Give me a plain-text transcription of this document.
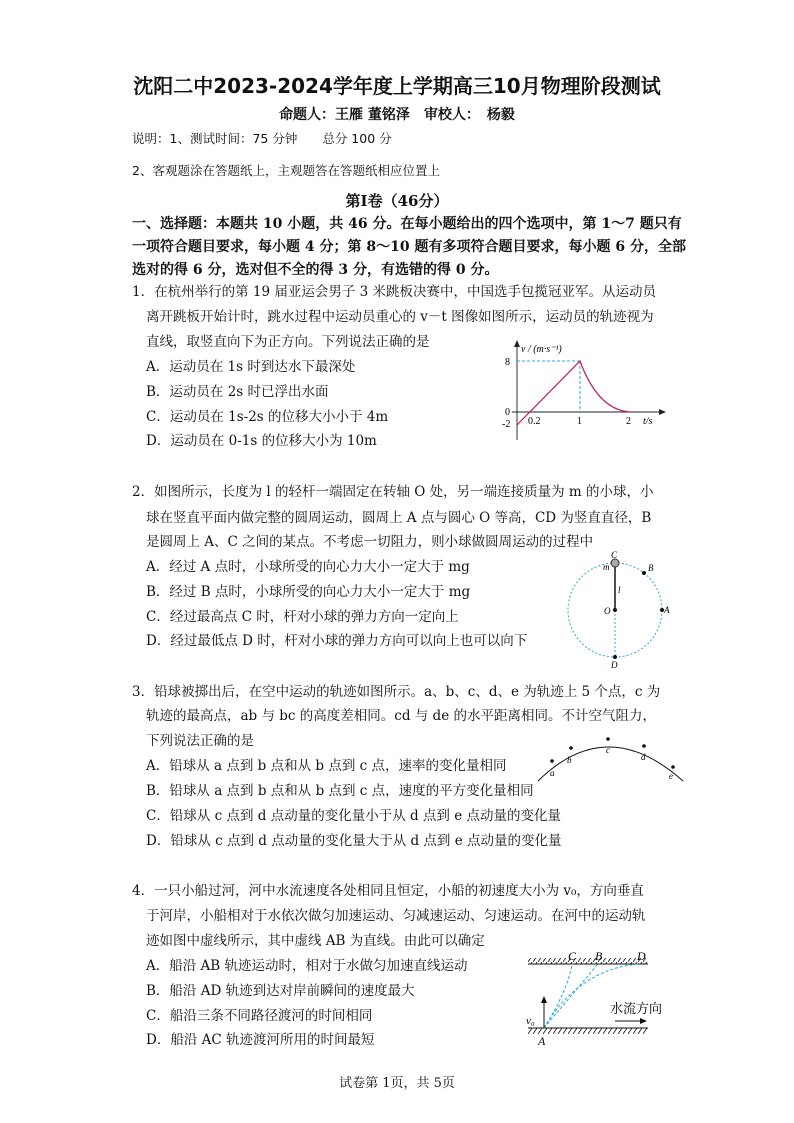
沈阳二中2023-2024学年度上学期高三10月物理阶段测试
命题人：王雁 董铭泽　审校人：　杨毅
说明：1、测试时间：75 分钟　　总分 100 分
2、客观题涂在答题纸上，主观题答在答题纸相应位置上
第Ⅰ卷（46分）
一、选择题：本题共 10 小题，共 46 分。在每小题给出的四个选项中，第 1～7 题只有
一项符合题目要求，每小题 4 分；第 8～10 题有多项符合题目要求，每小题 6 分，全部
选对的得 6 分，选对但不全的得 3 分，有选错的得 0 分。
1．在杭州举行的第 19 届亚运会男子 3 米跳板决赛中，中国选手包揽冠亚军。从运动员
离开跳板开始计时，跳水过程中运动员重心的 v－t 图像如图所示，运动员的轨迹视为
直线，取竖直向下为正方向。下列说法正确的是
A．运动员在 1s 时到达水下最深处
B．运动员在 2s 时已浮出水面
C．运动员在 1s-2s 的位移大小小于 4m
D．运动员在 0-1s 的位移大小为 10m
v / (m·s⁻¹)
8
0
-2 0.2	1	2 t/s
2．如图所示，长度为 l 的轻杆一端固定在转轴 O 处，另一端连接质量为 m 的小球，小
球在竖直平面内做完整的圆周运动，圆周上 A 点与圆心 O 等高，CD 为竖直直径，B
是圆周上 A、C 之间的某点。不考虑一切阻力，则小球做圆周运动的过程中
A．经过 A 点时，小球所受的向心力大小一定大于 mg
B．经过 B 点时，小球所受的向心力大小一定大于 mg
C．经过最高点 C 时，杆对小球的弹力方向一定向上
D．经过最低点 D 时，杆对小球的弹力方向可以向上也可以向下
C
B
m
l
O	A
D
3．铅球被掷出后，在空中运动的轨迹如图所示。a、b、c、d、e 为轨迹上 5 个点，c 为
轨迹的最高点，ab 与 bc 的高度差相同。cd 与 de 的水平距离相同。不计空气阻力，
下列说法正确的是
A．铅球从 a 点到 b 点和从 b 点到 c 点，速率的变化量相同
B．铅球从 a 点到 b 点和从 b 点到 c 点，速度的平方变化量相同
C．铅球从 c 点到 d 点动量的变化量小于从 d 点到 e 点动量的变化量
D．铅球从 c 点到 d 点动量的变化量大于从 d 点到 e 点动量的变化量
a
b
c
d
e
4．一只小船过河，河中水流速度各处相同且恒定，小船的初速度大小为 v₀，方向垂直
于河岸，小船相对于水依次做匀加速运动、匀减速运动、匀速运动。在河中的运动轨
迹如图中虚线所示，其中虚线 AB 为直线。由此可以确定
A．船沿 AB 轨迹运动时，相对于水做匀加速直线运动
B．船沿 AD 轨迹到达对岸前瞬间的速度最大
C．船沿三条不同路径渡河的时间相同
D．船沿 AC 轨迹渡河所用的时间最短
C B	D
v₀
A
水流方向
试卷第 1页，共 5页
